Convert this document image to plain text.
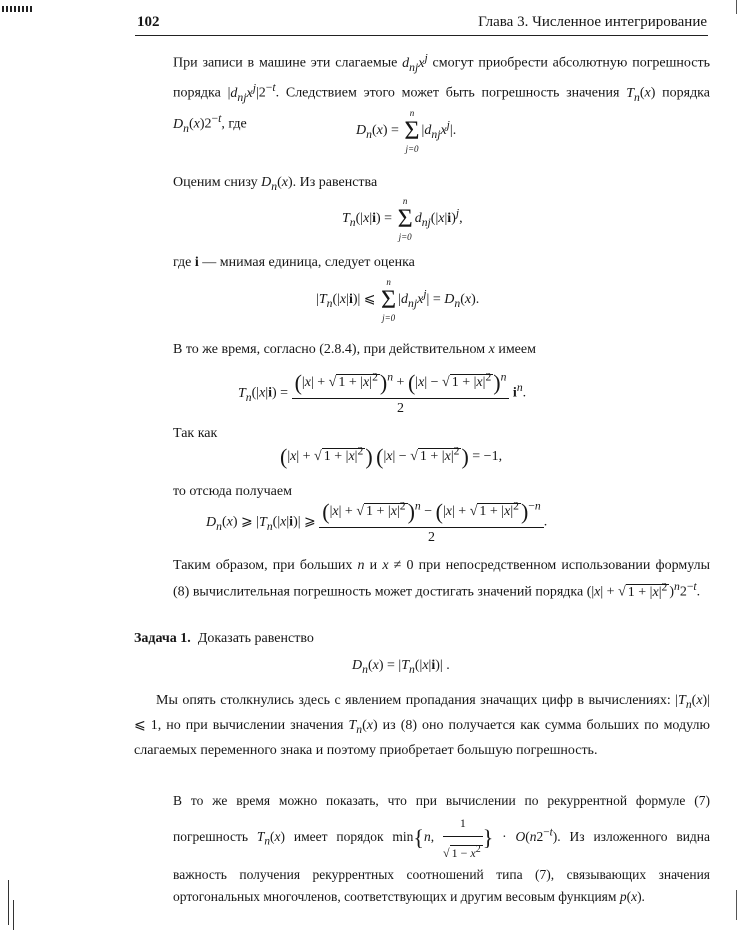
102	Глава 3. Численное интегрирование
При записи в машине эти слагаемые $d_{nj}x^j$ смогут приобрести абсолютную погрешность порядка $|d_{nj}x^j|2^{-t}$. Следствием этого может быть погрешность значения $T_n(x)$ порядка $D_n(x)2^{-t}$, где	$D_n(x)$ =
n
Σ
j=0
$|d_{nj}x^j|$.
Оценим снизу $D_n(x)$. Из равенства
$T_n(|x|i)$ =
n
Σ
j=0
$d_{nj}(|x|i)^j$,
где i — мнимая единица, следует оценка
$|T_n(|x|i)|$ ⩽
n
Σ
j=0
$|d_{nj}x^j| = D_n(x)$.
В то же время, согласно (2.8.4), при действительном x имеем
$T_n(|x|i) = \frac{(|x| + √ 1 + |x|^2)^n + (|x| - √ 1 + |x|^2)^n}{2} i^n$.
Так как
(|x| + √ $1 + |x|^2$) (|x| − √ $1 + |x|^2) = -1$,
то отсюда получаем
$D_n(x)$ ⩾ $|T_n(|x|i)|$ ⩾ $\frac{(|x| + √ 1 + |x|^2)^n - (|x| + √ 1 + |x|^2)^{-n}}{2}$ .
Таким образом, при больших n и x ≠ 0 при непосредственном использовании формулы (8) вычислительная погрешность может достигать значений порядка (|x| + √ $1 + |x|^2$ )$^n2^{-t}$.
Задача 1. Доказать равенство
$D_n(x) = |T_n(|x|i)|$ .
Мы опять столкнулись здесь с явлением пропадания значащих цифр в вычислениях: $|T_n(x)|$ ⩽ 1, но при вычислении значения $T_n(x)$ из (8) оно получается как сумма больших по модулю слагаемых переменного знака и поэтому приобретает большую погрешность.
В то же время можно показать, что при вычислении по рекуррентной формуле (7) погрешность $T_n(x)$ имеет порядок min{n, $\frac{1}{√ 1 - x^2}$ } · $O(n2^{-t})$. Из изложенного видна важность получения рекуррентных соотношений типа (7), связывающих значения ортогональных многочленов, соответствующих и другим весовым функциям p(x).
